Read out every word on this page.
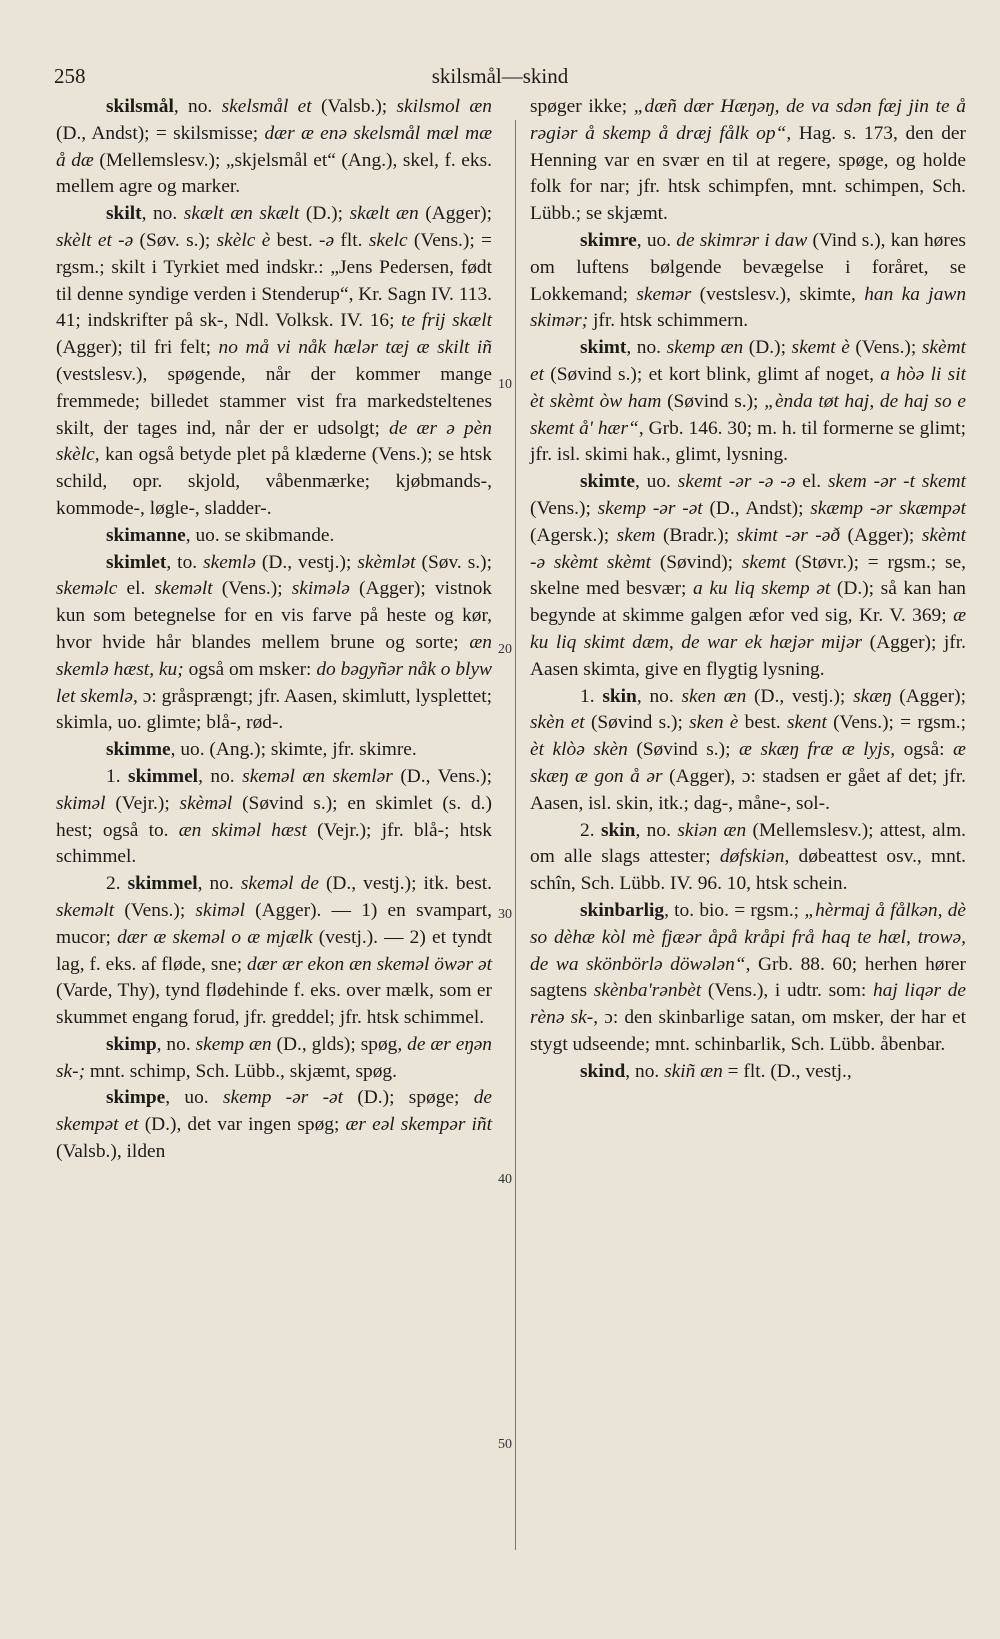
258	skilsmål—skind

skilsmål, no. skelsmål et (Valsb.); skilsmol æn (D., Andst); = skilsmisse; dær æ enə skelsmål mæl mæ å dæ (Mellemslesv.); „skjelsmål et“ (Ang.), skel, f. eks. mellem agre og marker.

skilt, no. skælt æn skælt (D.); skælt æn (Agger); skèlt et -ə (Søv. s.); skèlc è best. -ə flt. skelc (Vens.); = rgsm.; skilt i Tyrkiet med indskr.: „Jens Pedersen, født til denne syndige verden i Stenderup“, Kr. Sagn IV. 113. 41; indskrifter på sk-, Ndl. Volksk. IV. 16; te frij skælt (Agger); til fri felt; no må vi nåk hælər tæj æ skilt iñ (vestslesv.), spøgende, når der kommer mange fremmede; billedet stammer vist fra markedsteltenes skilt, der tages ind, når der er udsolgt; de ær ə pèn skèlc, kan også betyde plet på klæderne (Vens.); se htsk schild, opr. skjold, våbenmærke; kjøbmands-, kommode-, løgle-, sladder-.

skimanne, uo. se skibmande.

skimlet, to. skemlə (D., vestj.); skèmlət (Søv. s.); skeməlc el. skeməlt (Vens.); skimələ (Agger); vistnok kun som betegnelse for en vis farve på heste og kør, hvor hvide hår blandes mellem brune og sorte; æn skemlə hæst, ku; også om msker: do bəgyñər nåk o blyw let skemlə, ɔ: gråsprængt; jfr. Aasen, skimlutt, lysplettet; skimla, uo. glimte; blå-, rød-.

skimme, uo. (Ang.); skimte, jfr. skimre.

1. skimmel, no. skeməl æn skemlər (D., Vens.); skiməl (Vejr.); skèməl (Søvind s.); en skimlet (s. d.) hest; også to. æn skiməl hæst (Vejr.); jfr. blå-; htsk schimmel.

2. skimmel, no. skeməl de (D., vestj.); itk. best. skeməlt (Vens.); skiməl (Agger). — 1) en svampart, mucor; dær æ skeməl o æ mjælk (vestj.). — 2) et tyndt lag, f. eks. af fløde, sne; dær ær ekon æn skeməl öwər ət (Varde, Thy), tynd flødehinde f. eks. over mælk, som er skummet engang forud, jfr. greddel; jfr. htsk schimmel.

skimp, no. skemp æn (D., glds); spøg, de ær eŋən sk-; mnt. schimp, Sch. Lübb., skjæmt, spøg.

skimpe, uo. skemp -ər -ət (D.); spøge; de skempət et (D.), det var ingen spøg; ær eəl skempər iñt (Valsb.), ilden

10
20
30
40
50

spøger ikke; „dæñ dær Hæŋəŋ, de va sdən fæj jin te å rəgiər å skemp å dræj fålk op“, Hag. s. 173, den der Henning var en svær en til at regere, spøge, og holde folk for nar; jfr. htsk schimpfen, mnt. schimpen, Sch. Lübb.; se skjæmt.

skimre, uo. de skimrər i daw (Vind s.), kan høres om luftens bølgende bevægelse i foråret, se Lokkemand; skemər (vestslesv.), skimte, han ka jawn skimər; jfr. htsk schimmern.

skimt, no. skemp æn (D.); skemt è (Vens.); skèmt et (Søvind s.); et kort blink, glimt af noget, a hòə li sit èt skèmt òw ham (Søvind s.); „ènda tøt haj, de haj so e skemt å' hær“, Grb. 146. 30; m. h. til formerne se glimt; jfr. isl. skimi hak., glimt, lysning.

skimte, uo. skemt -ər -ə -ə el. skem -ər -t skemt (Vens.); skemp -ər -ət (D., Andst); skæmp -ər skæmpət (Agersk.); skem (Bradr.); skimt -ər -əð (Agger); skèmt -ə skèmt skèmt (Søvind); skemt (Støvr.); = rgsm.; se, skelne med besvær; a ku liq skemp ət (D.); så kan han begynde at skimme galgen æfor ved sig, Kr. V. 369; æ ku liq skimt dæm, de war ek hæjər mijər (Agger); jfr. Aasen skimta, give en flygtig lysning.

1. skin, no. sken æn (D., vestj.); skæŋ (Agger); skèn et (Søvind s.); sken è best. skent (Vens.); = rgsm.; èt klòə skèn (Søvind s.); æ skæŋ fræ æ lyjs, også: æ skæŋ æ gon å ər (Agger), ɔ: stadsen er gået af det; jfr. Aasen, isl. skin, itk.; dag-, måne-, sol-.

2. skin, no. skiən æn (Mellemslesv.); attest, alm. om alle slags attester; døfskiən, døbeattest osv., mnt. schîn, Sch. Lübb. IV. 96. 10, htsk schein.

skinbarlig, to. bio. = rgsm.; „hèrmaj å fålkən, dè so dèhæ kòl mè fjæər åpå kråpi frå haq te hæl, trowə, de wa skönbörlə döwələn“, Grb. 88. 60; herhen hører sagtens skènba'rənbèt (Vens.), i udtr. som: haj liqər de rènə sk-, ɔ: den skinbarlige satan, om msker, der har et stygt udseende; mnt. schinbarlik, Sch. Lübb. åbenbar.

skind, no. skiñ æn = flt. (D., vestj.,
